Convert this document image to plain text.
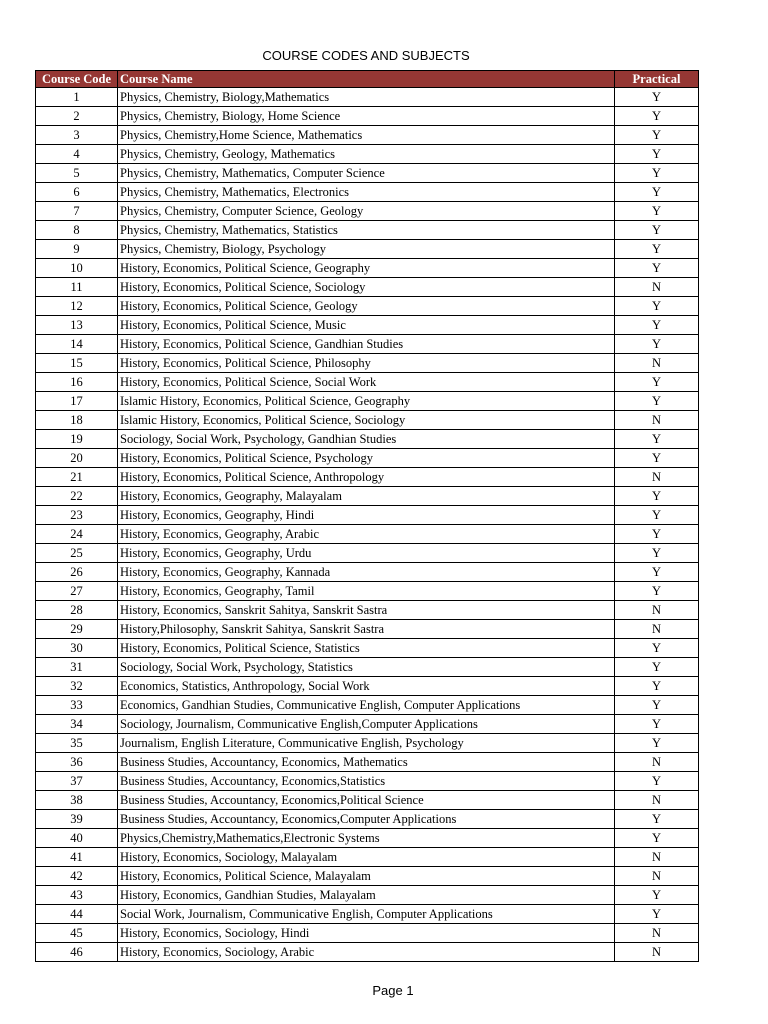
COURSE CODES AND SUBJECTS
Course Code	Course Name	Practical
1	Physics, Chemistry, Biology,Mathematics	Y
2	Physics, Chemistry, Biology, Home Science	Y
3	Physics, Chemistry,Home Science, Mathematics	Y
4	Physics, Chemistry, Geology, Mathematics	Y
5	Physics, Chemistry, Mathematics, Computer Science	Y
6	Physics, Chemistry, Mathematics, Electronics	Y
7	Physics, Chemistry, Computer Science, Geology	Y
8	Physics, Chemistry, Mathematics, Statistics	Y
9	Physics, Chemistry, Biology, Psychology	Y
10	History, Economics, Political Science, Geography	Y
11	History, Economics, Political Science, Sociology	N
12	History, Economics, Political Science, Geology	Y
13	History, Economics, Political Science, Music	Y
14	History, Economics, Political Science, Gandhian Studies	Y
15	History, Economics, Political Science, Philosophy	N
16	History, Economics, Political Science, Social Work	Y
17	Islamic History, Economics, Political Science, Geography	Y
18	Islamic History, Economics, Political Science, Sociology	N
19	Sociology, Social Work, Psychology, Gandhian Studies	Y
20	History, Economics, Political Science, Psychology	Y
21	History, Economics, Political Science, Anthropology	N
22	History, Economics, Geography, Malayalam	Y
23	History, Economics, Geography, Hindi	Y
24	History, Economics, Geography, Arabic	Y
25	History, Economics, Geography, Urdu	Y
26	History, Economics, Geography, Kannada	Y
27	History, Economics, Geography, Tamil	Y
28	History, Economics, Sanskrit Sahitya, Sanskrit Sastra	N
29	History,Philosophy, Sanskrit Sahitya, Sanskrit Sastra	N
30	History, Economics, Political Science, Statistics	Y
31	Sociology, Social Work, Psychology, Statistics	Y
32	Economics, Statistics, Anthropology, Social Work	Y
33	Economics, Gandhian Studies, Communicative English, Computer Applications	Y
34	Sociology, Journalism, Communicative English,Computer Applications	Y
35	Journalism, English Literature, Communicative English, Psychology	Y
36	Business Studies, Accountancy, Economics, Mathematics	N
37	Business Studies, Accountancy, Economics,Statistics	Y
38	Business Studies, Accountancy, Economics,Political Science	N
39	Business Studies, Accountancy, Economics,Computer Applications	Y
40	Physics,Chemistry,Mathematics,Electronic Systems	Y
41	History, Economics, Sociology, Malayalam	N
42	History, Economics, Political Science, Malayalam	N
43	History, Economics, Gandhian Studies, Malayalam	Y
44	Social Work, Journalism, Communicative English, Computer Applications	Y
45	History, Economics, Sociology, Hindi	N
46	History, Economics, Sociology, Arabic	N
Page 1
